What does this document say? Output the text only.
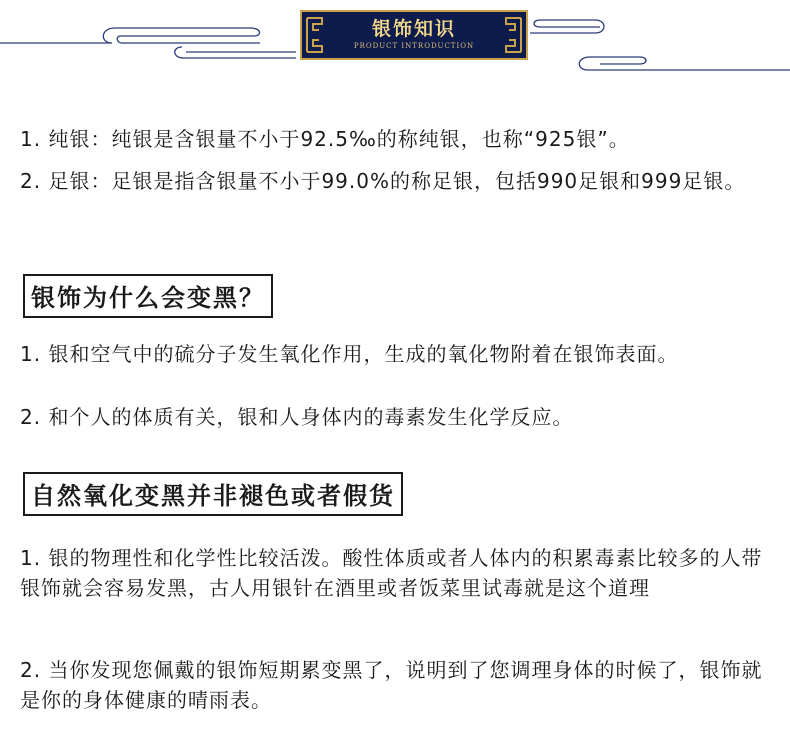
银饰知识
PRODUCT INTRODUCTION

1. 纯银：纯银是含银量不小于92.5‰的称纯银，也称“925银”。

2. 足银：足银是指含银量不小于99.0%的称足银，包括990足银和999足银。

银饰为什么会变黑？

1. 银和空气中的硫分子发生氧化作用，生成的氧化物附着在银饰表面。

2. 和个人的体质有关，银和人身体内的毒素发生化学反应。

自然氧化变黑并非褪色或者假货

1. 银的物理性和化学性比较活泼。酸性体质或者人体内的积累毒素比较多的人带银饰就会容易发黑，古人用银针在酒里或者饭菜里试毒就是这个道理

2. 当你发现您佩戴的银饰短期累变黑了，说明到了您调理身体的时候了，银饰就是你的身体健康的晴雨表。
